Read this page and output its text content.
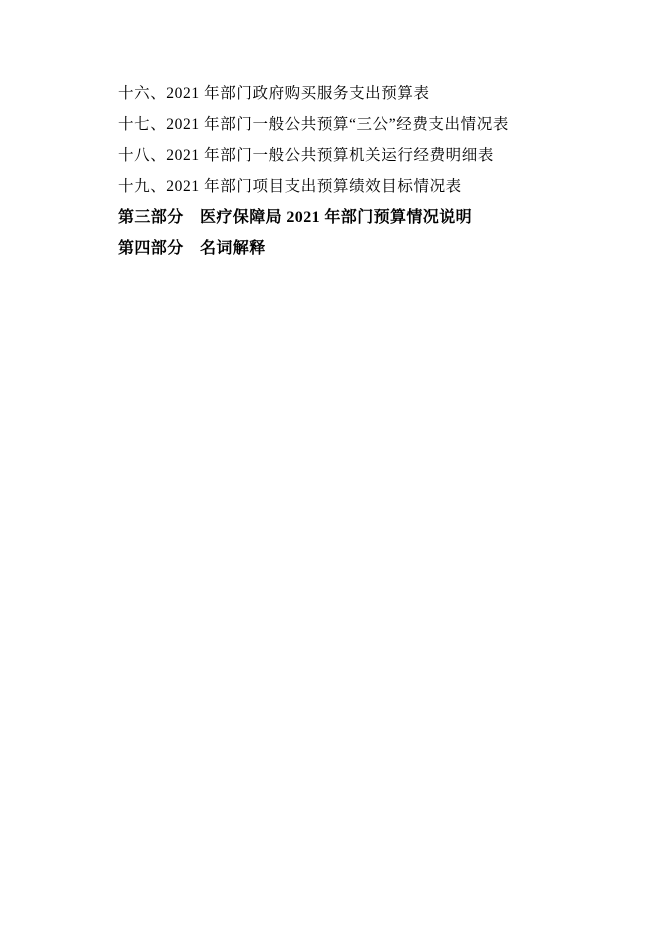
十六、2021 年部门政府购买服务支出预算表
十七、2021 年部门一般公共预算“三公”经费支出情况表
十八、2021 年部门一般公共预算机关运行经费明细表
十九、2021 年部门项目支出预算绩效目标情况表
第三部分　医疗保障局 2021 年部门预算情况说明
第四部分　名词解释
